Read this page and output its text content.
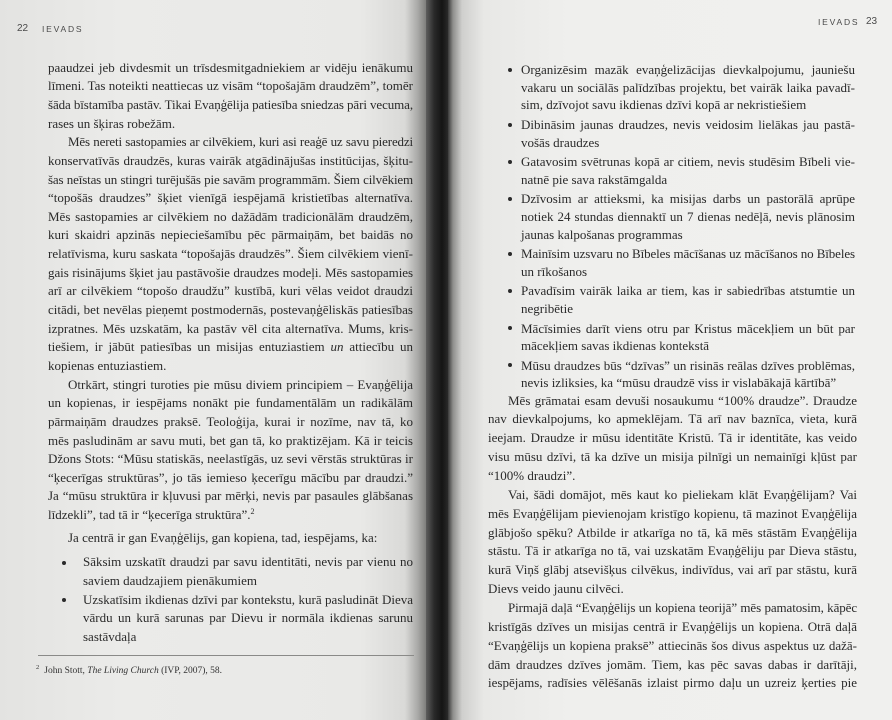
22 IEVADS
paaudzei jeb divdesmit un trīsdesmitgadniekiem ar vidēju ienākumu
līmeni. Tas noteikti neattiecas uz visām “topošajām draudzēm”, tomēr
šāda bīstamība pastāv. Tikai Evaņģēlija patiesība sniedzas pāri vecuma,
rases un šķiras robežām.
Mēs nereti sastopamies ar cilvēkiem, kuri asi reaģē uz savu pieredzi
konservatīvās draudzēs, kuras vairāk atgādinājušas institūcijas, šķitu-
šas neīstas un stingri turējušās pie savām programmām. Šiem cilvēkiem
“topošās draudzes” šķiet vienīgā iespējamā kristietības alternatīva.
Mēs sastopamies ar cilvēkiem no dažādām tradicionālām draudzēm,
kuri skaidri apzinās nepieciešamību pēc pārmaiņām, bet baidās no
relatīvisma, kuru saskata “topošajās draudzēs”. Šiem cilvēkiem vienī-
gais risinājums šķiet jau pastāvošie draudzes modeļi. Mēs sastopamies
arī ar cilvēkiem “topošo draudžu” kustībā, kuri vēlas veidot draudzi
citādi, bet nevēlas pieņemt postmodernās, postevaņģēliskās patiesības
izpratnes. Mēs uzskatām, ka pastāv vēl cita alternatīva. Mums, kris-
tiešiem, ir jābūt patiesības un misijas entuziastiem un attiecību un
kopienas entuziastiem.
Otrkārt, stingri turoties pie mūsu diviem principiem – Evaņģēlija
un kopienas, ir iespējams nonākt pie fundamentālām un radikālām
pārmaiņām draudzes praksē. Teoloģija, kurai ir nozīme, nav tā, ko
mēs pasludinām ar savu muti, bet gan tā, ko praktizējam. Kā ir teicis
Džons Stots: “Mūsu statiskās, neelastīgās, uz sevi vērstās struktūras ir
“ķecerīgas struktūras”, jo tās iemieso ķecerīgu mācību par draudzi.”
Ja “mūsu struktūra ir kļuvusi par mērķi, nevis par pasaules glābšanas
līdzekli”, tad tā ir “ķecerīga struktūra”.$^2$
Ja centrā ir gan Evaņģēlijs, gan kopiena, tad, iespējams, ka:
Sāksim uzskatīt draudzi par savu identitāti, nevis par vienu no
saviem daudzajiem pienākumiem
Uzskatīsim ikdienas dzīvi par kontekstu, kurā pasludināt Dieva
vārdu un kurā sarunas par Dievu ir normāla ikdienas sarunu
sastāvdaļa
$^2$ John Stott, The Living Church (IVP, 2007), 58.
IEVADS 23
Organizēsim mazāk evaņģelizācijas dievkalpojumu, jauniešu
vakaru un sociālās palīdzības projektu, bet vairāk laika pavadī-
sim, dzīvojot savu ikdienas dzīvi kopā ar nekristiešiem
Dibināsim jaunas draudzes, nevis veidosim lielākas jau pastā-
vošās draudzes
Gatavosim svētrunas kopā ar citiem, nevis studēsim Bībeli vie-
natnē pie sava rakstāmgalda
Dzīvosim ar attieksmi, ka misijas darbs un pastorālā aprūpe
notiek 24 stundas diennaktī un 7 dienas nedēļā, nevis plānosim
jaunas kalpošanas programmas
Mainīsim uzsvaru no Bībeles mācīšanas uz mācīšanos no Bībeles
un rīkošanos
Pavadīsim vairāk laika ar tiem, kas ir sabiedrības atstumtie un
negribētie
Mācīsimies darīt viens otru par Kristus mācekļiem un būt par
mācekļiem savas ikdienas kontekstā
Mūsu draudzes būs “dzīvas” un risinās reālas dzīves problēmas,
nevis izliksies, ka “mūsu draudzē viss ir vislabākajā kārtībā”
Mēs grāmatai esam devuši nosaukumu “100% draudze”. Draudze
nav dievkalpojums, ko apmeklējam. Tā arī nav baznīca, vieta, kurā
ieejam. Draudze ir mūsu identitāte Kristū. Tā ir identitāte, kas veido
visu mūsu dzīvi, tā ka dzīve un misija pilnīgi un nemainīgi kļūst par
“100% draudzi”.
Vai, šādi domājot, mēs kaut ko pieliekam klāt Evaņģēlijam? Vai
mēs Evaņģēlijam pievienojam kristīgo kopienu, tā mazinot Evaņģēlija
glābjošo spēku? Atbilde ir atkarīga no tā, kā mēs stāstām Evaņģēlija
stāstu. Tā ir atkarīga no tā, vai uzskatām Evaņģēliju par Dieva stāstu,
kurā Viņš glābj atsevišķus cilvēkus, indivīdus, vai arī par stāstu, kurā
Dievs veido jaunu cilvēci.
Pirmajā daļā “Evaņģēlijs un kopiena teorijā” mēs pamatosim, kāpēc
kristīgās dzīves un misijas centrā ir Evaņģēlijs un kopiena. Otrā daļā
“Evaņģēlijs un kopiena praksē” attiecinās šos divus aspektus uz dažā-
dām draudzes dzīves jomām. Tiem, kas pēc savas dabas ir darītāji,
iespējams, radīsies vēlēšanās izlaist pirmo daļu un uzreiz ķerties pie
